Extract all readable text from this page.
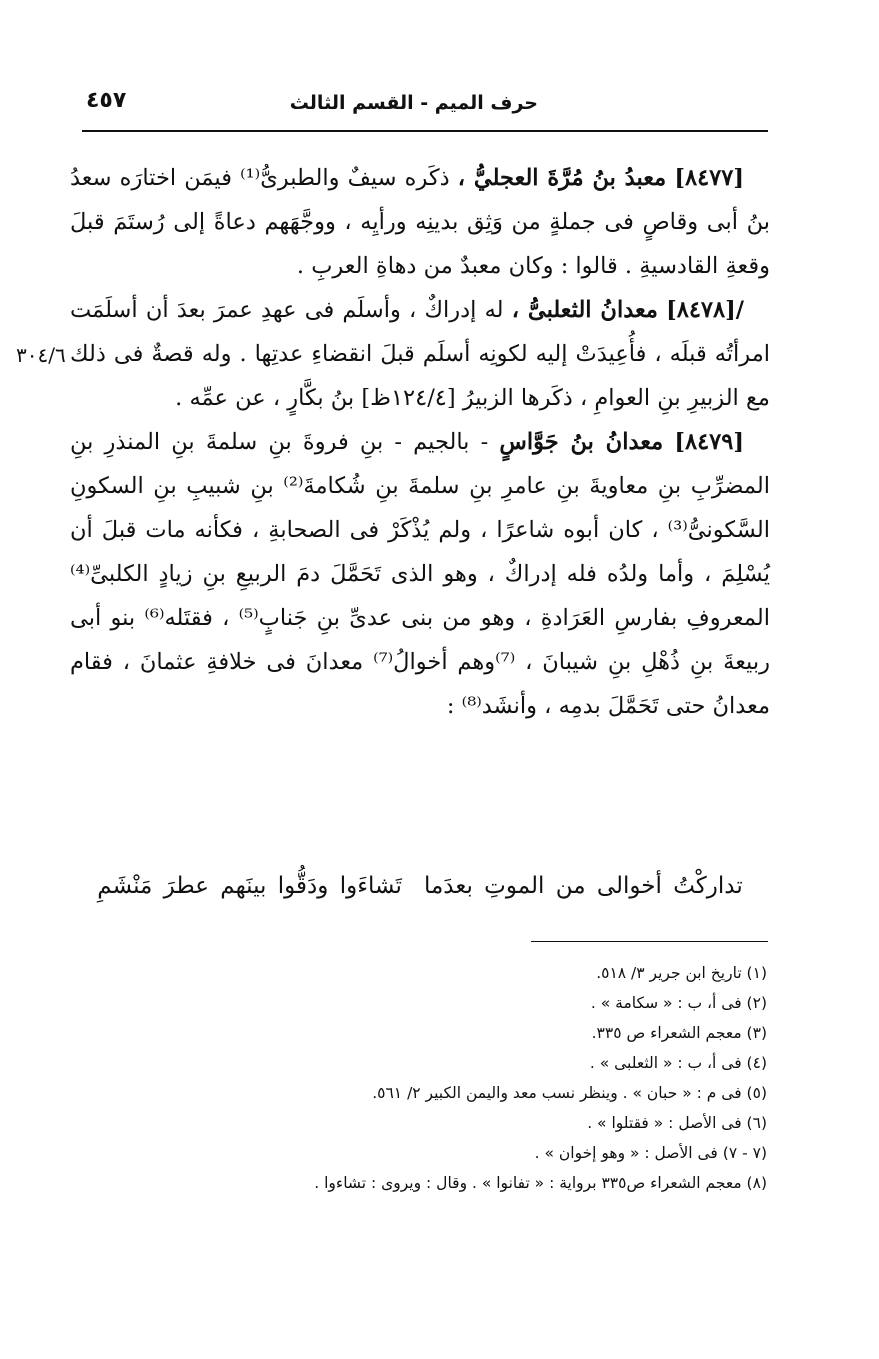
حرف الميم - القسم الثالث
٤٥٧
٣٠٤/٦

[٨٤٧٧] معبدُ بنُ مُرَّةَ العجليُّ ، ذكَره سيفٌ والطبرىُّ⁽¹⁾ فيمَن اختارَه سعدُ بنُ أبى وقاصٍ فى جملةٍ من وَثِق بدينِه ورأيِه ، ووجَّهَهم دعاةً إلى رُستَمَ قبلَ وقعةِ القادسيةِ . قالوا : وكان معبدٌ من دهاةِ العربِ .

/[٨٤٧٨] معدانُ الثعلبىُّ ، له إدراكٌ ، وأسلَم فى عهدِ عمرَ بعدَ أن أسلَمَت امرأتُه قبلَه ، فأُعِيدَتْ إليه لكونِه أسلَم قبلَ انقضاءِ عدتِها . وله قصةٌ فى ذلك مع الزبيرِ بنِ العوامِ ، ذكَرها الزبيرُ [١٢٤/٤ظ] بنُ بكَّارٍ ، عن عمِّه .

[٨٤٧٩] معدانُ بنُ جَوَّاسٍ - بالجيم - بنِ فروةَ بنِ سلمةَ بنِ المنذرِ بنِ المضرِّبِ بنِ معاويةَ بنِ عامرِ بنِ سلمةَ بنِ شُكامةَ⁽²⁾ بنِ شبيبِ بنِ السكونِ السَّكونىُّ⁽³⁾ ، كان أبوه شاعرًا ، ولم يُذْكَرْ فى الصحابةِ ، فكأنه مات قبلَ أن يُسْلِمَ ، وأما ولدُه فله إدراكٌ ، وهو الذى تَحَمَّلَ دمَ الربيعِ بنِ زيادٍ الكلبىِّ⁽⁴⁾ المعروفِ بفارسِ العَرَادةِ ، وهو من بنى عدىِّ بنِ جَنابٍ⁽⁵⁾ ، فقتَله⁽⁶⁾ بنو أبى ربيعةَ بنِ ذُهْلِ بنِ شيبانَ ، ⁽⁷⁾وهم أخوالُ⁽⁷⁾ معدانَ فى خلافةِ عثمانَ ، فقام معدانُ حتى تَحَمَّلَ بدمِه ، وأنشَد⁽⁸⁾ :

تداركْتُ أخوالى من الموتِ بعدَماتَشاءَوا ودَقُّوا بينَهم عطرَ مَنْشَمِ
(١) تاريخ ابن جرير ٣/ ٥١٨.
(٢) فى أ، ب : « سكامة » .
(٣) معجم الشعراء ص ٣٣٥.
(٤) فى أ، ب : « الثعلبى » .
(٥) فى م : « حبان » . وينظر نسب معد واليمن الكبير ٢/ ٥٦١.
(٦) فى الأصل : « فقتلوا » .
(٧ - ٧) فى الأصل : « وهو إخوان » .
(٨) معجم الشعراء ص٣٣٥ برواية : « تفانوا » . وقال : ويروى : تشاءوا .
